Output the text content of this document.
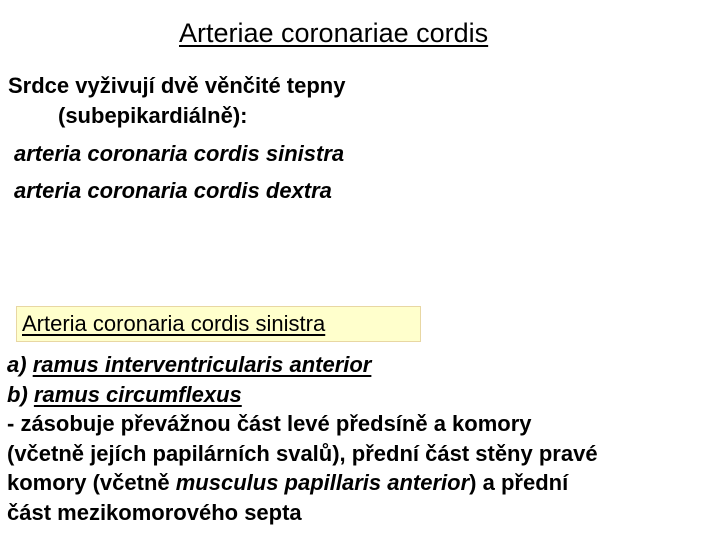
Arteriae coronariae cordis
Srdce vyživují dvě věnčité tepny
(subepikardiálně):
arteria coronaria cordis sinistra
arteria coronaria cordis dextra
Arteria coronaria cordis sinistra
a) ramus interventricularis anterior
b) ramus circumflexus
- zásobuje převážnou část levé předsíně a komory
(včetně jejích papilárních svalů), přední část stěny pravé
komory (včetně musculus papillaris anterior) a přední
část mezikomorového septa
